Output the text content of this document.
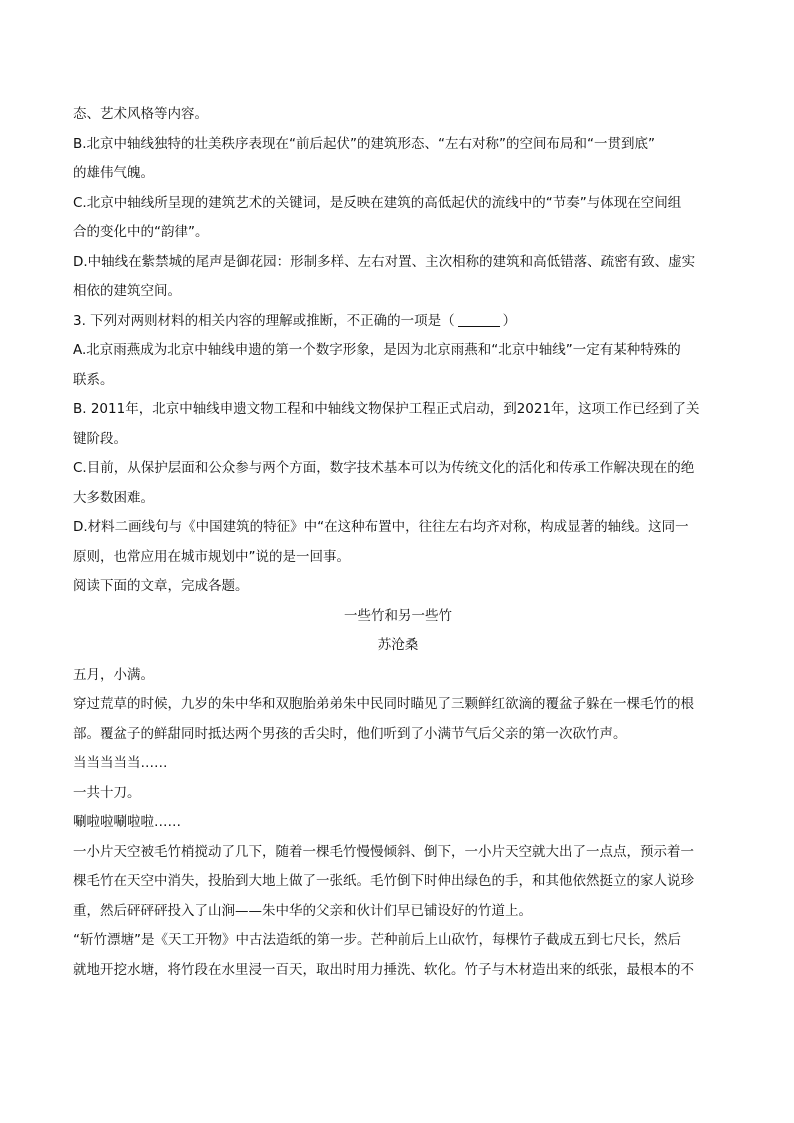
态、艺术风格等内容。
B.北京中轴线独特的壮美秩序表现在“前后起伏”的建筑形态、“左右对称”的空间布局和“一贯到底”
的雄伟气魄。
C.北京中轴线所呈现的建筑艺术的关键词，是反映在建筑的高低起伏的流线中的“节奏”与体现在空间组
合的变化中的“韵律”。
D.中轴线在紫禁城的尾声是御花园：形制多样、左右对置、主次相称的建筑和高低错落、疏密有致、虚实
相依的建筑空间。
3. 下列对两则材料的相关内容的理解或推断，不正确的一项是（	）
A.北京雨燕成为北京中轴线申遗的第一个数字形象，是因为北京雨燕和“北京中轴线”一定有某种特殊的
联系。
B. 2011年，北京中轴线申遗文物工程和中轴线文物保护工程正式启动，到2021年，这项工作已经到了关
键阶段。
C.目前，从保护层面和公众参与两个方面，数字技术基本可以为传统文化的活化和传承工作解决现在的绝
大多数困难。
D.材料二画线句与《中国建筑的特征》中“在这种布置中，往往左右均齐对称，构成显著的轴线。这同一
原则，也常应用在城市规划中”说的是一回事。
阅读下面的文章，完成各题。
一些竹和另一些竹
苏沧桑
五月，小满。
穿过荒草的时候，九岁的朱中华和双胞胎弟弟朱中民同时瞄见了三颗鲜红欲滴的覆盆子躲在一棵毛竹的根
部。覆盆子的鲜甜同时抵达两个男孩的舌尖时，他们听到了小满节气后父亲的第一次砍竹声。
当当当当当……
一共十刀。
唰啦啦唰啦啦……
一小片天空被毛竹梢搅动了几下，随着一棵毛竹慢慢倾斜、倒下，一小片天空就大出了一点点，预示着一
棵毛竹在天空中消失，投胎到大地上做了一张纸。毛竹倒下时伸出绿色的手，和其他依然挺立的家人说珍
重，然后砰砰砰投入了山涧——朱中华的父亲和伙计们早已铺设好的竹道上。
“斩竹漂塘”是《天工开物》中古法造纸的第一步。芒种前后上山砍竹，每棵竹子截成五到七尺长，然后
就地开挖水塘，将竹段在水里浸一百天，取出时用力捶洗、软化。竹子与木材造出来的纸张，最根本的不
